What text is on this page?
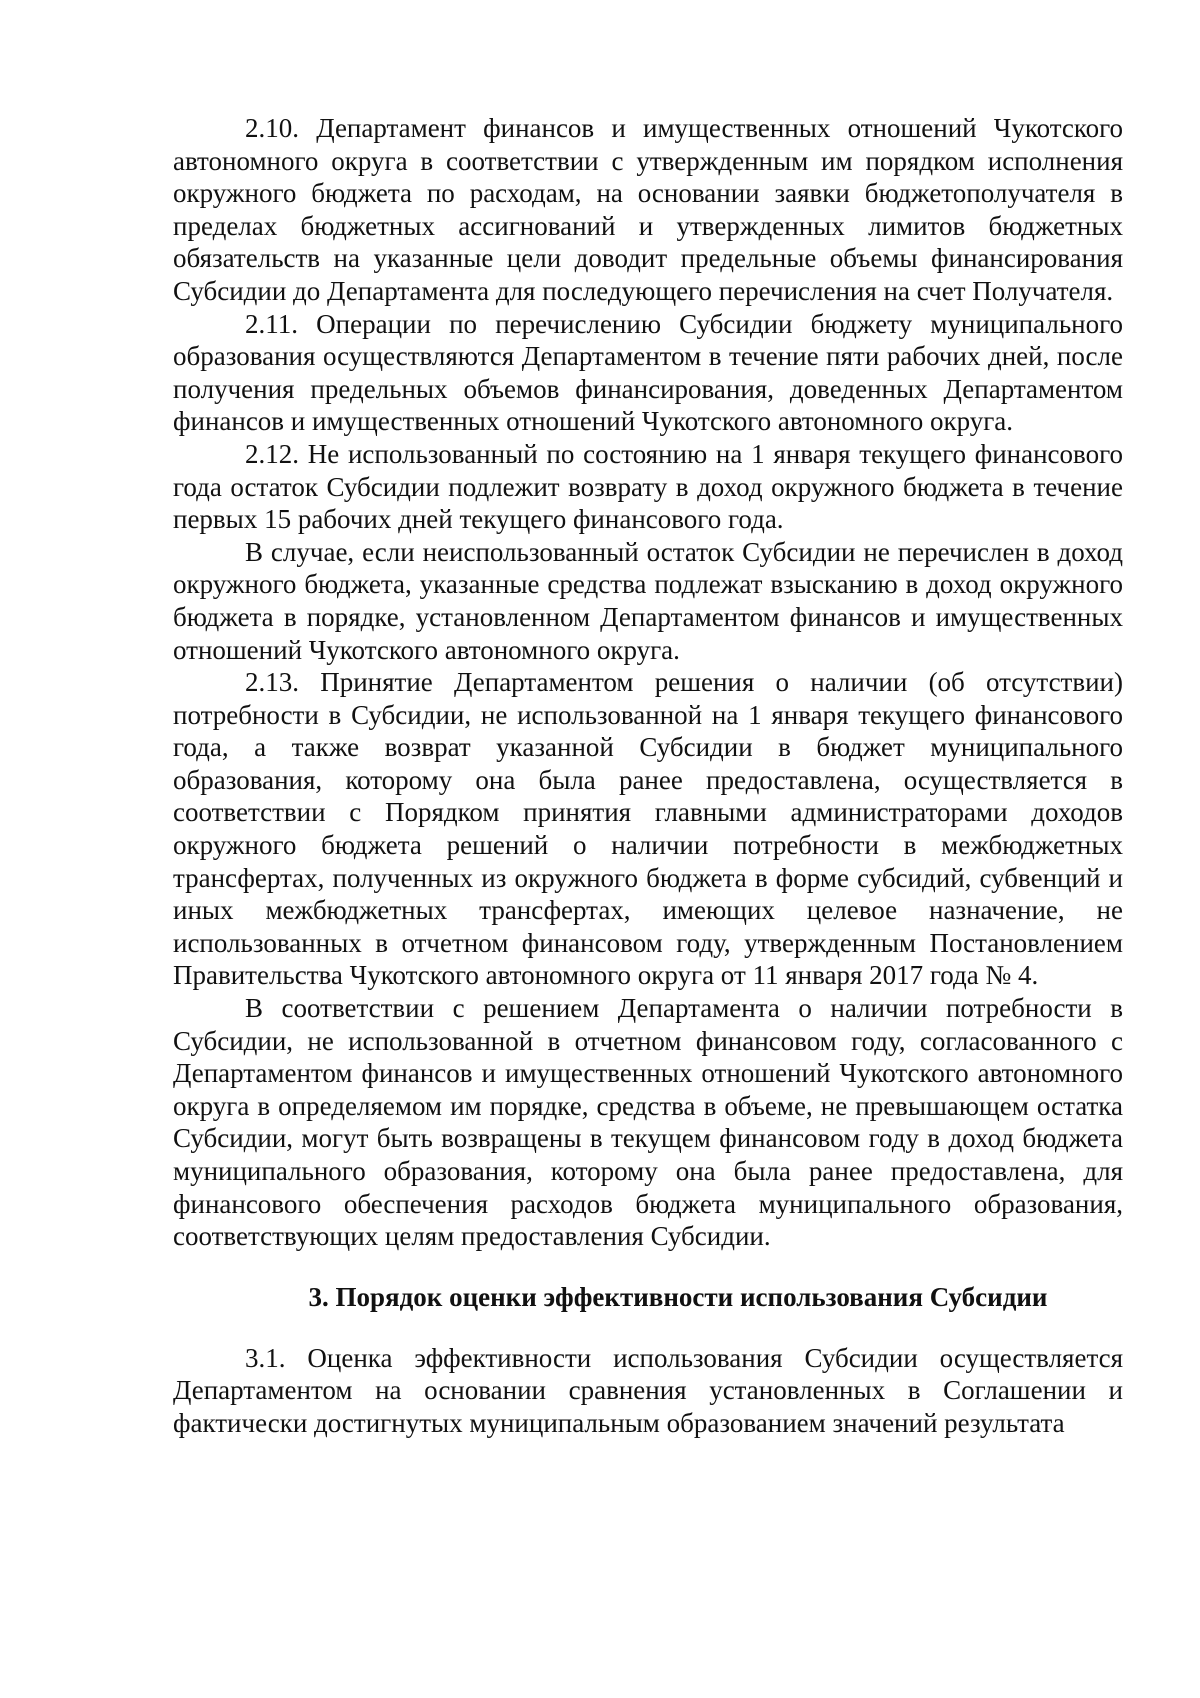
2.10. Департамент финансов и имущественных отношений Чукотского автономного округа в соответствии с утвержденным им порядком исполнения окружного бюджета по расходам, на основании заявки бюджетополучателя в пределах бюджетных ассигнований и утвержденных лимитов бюджетных обязательств на указанные цели доводит предельные объемы финансирования Субсидии до Департамента для последующего перечисления на счет Получателя.

2.11. Операции по перечислению Субсидии бюджету муниципального образования осуществляются Департаментом в течение пяти рабочих дней, после получения предельных объемов финансирования, доведенных Департаментом финансов и имущественных отношений Чукотского автономного округа.

2.12. Не использованный по состоянию на 1 января текущего финансового года остаток Субсидии подлежит возврату в доход окружного бюджета в течение первых 15 рабочих дней текущего финансового года.

В случае, если неиспользованный остаток Субсидии не перечислен в доход окружного бюджета, указанные средства подлежат взысканию в доход окружного бюджета в порядке, установленном Департаментом финансов и имущественных отношений Чукотского автономного округа.

2.13. Принятие Департаментом решения о наличии (об отсутствии) потребности в Субсидии, не использованной на 1 января текущего финансового года, а также возврат указанной Субсидии в бюджет муниципального образования, которому она была ранее предоставлена, осуществляется в соответствии с Порядком принятия главными администраторами доходов окружного бюджета решений о наличии потребности в межбюджетных трансфертах, полученных из окружного бюджета в форме субсидий, субвенций и иных межбюджетных трансфертах, имеющих целевое назначение, не использованных в отчетном финансовом году, утвержденным Постановлением Правительства Чукотского автономного округа от 11 января 2017 года № 4.

В соответствии с решением Департамента о наличии потребности в Субсидии, не использованной в отчетном финансовом году, согласованного с Департаментом финансов и имущественных отношений Чукотского автономного округа в определяемом им порядке, средства в объеме, не превышающем остатка Субсидии, могут быть возвращены в текущем финансовом году в доход бюджета муниципального образования, которому она была ранее предоставлена, для финансового обеспечения расходов бюджета муниципального образования, соответствующих целям предоставления Субсидии.

3. Порядок оценки эффективности использования Субсидии

3.1. Оценка эффективности использования Субсидии осуществляется Департаментом на основании сравнения установленных в Соглашении и фактически достигнутых муниципальным образованием значений результата
